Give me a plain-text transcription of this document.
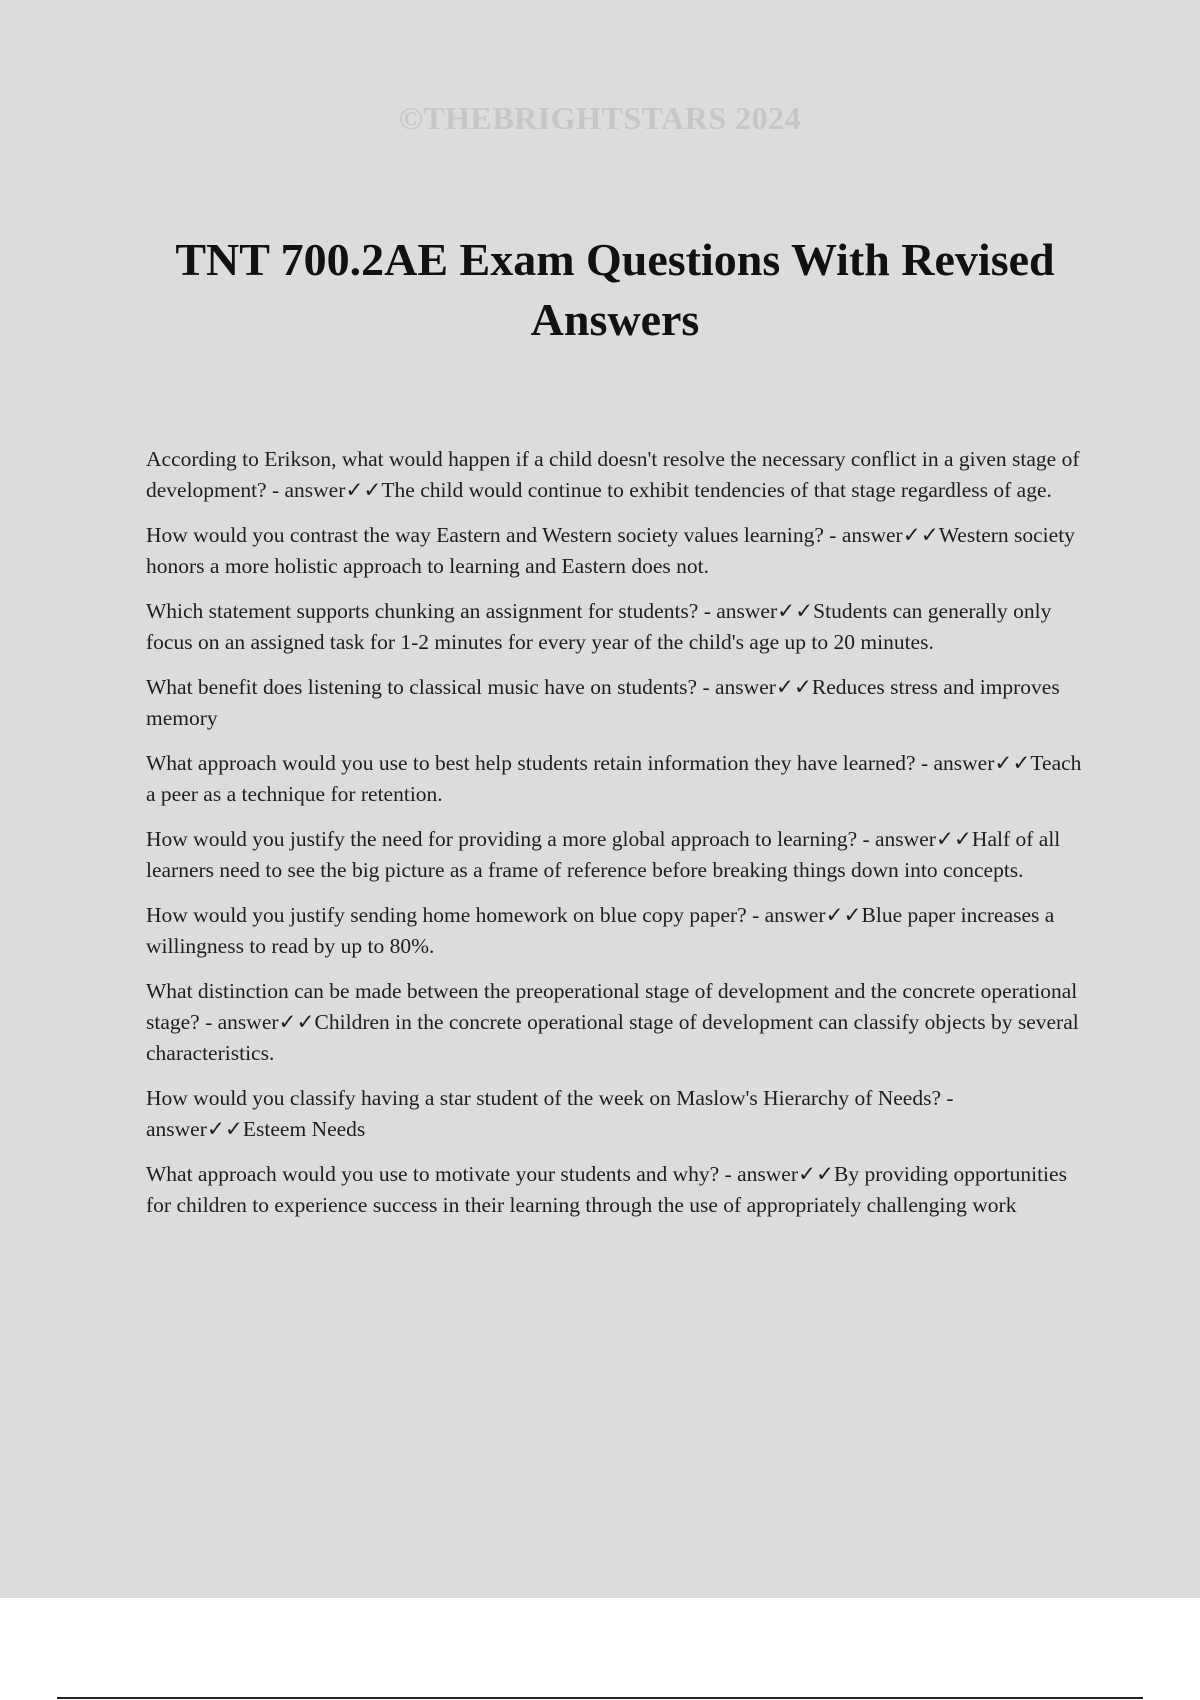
©THEBRIGHTSTARS 2024
TNT 700.2AE Exam Questions With Revised Answers
According to Erikson, what would happen if a child doesn't resolve the necessary conflict in a given stage of development? - answer✓✓The child would continue to exhibit tendencies of that stage regardless of age.
How would you contrast the way Eastern and Western society values learning? - answer✓✓Western society honors a more holistic approach to learning and Eastern does not.
Which statement supports chunking an assignment for students? - answer✓✓Students can generally only focus on an assigned task for 1-2 minutes for every year of the child's age up to 20 minutes.
What benefit does listening to classical music have on students? - answer✓✓Reduces stress and improves memory
What approach would you use to best help students retain information they have learned? - answer✓✓Teach a peer as a technique for retention.
How would you justify the need for providing a more global approach to learning? - answer✓✓Half of all learners need to see the big picture as a frame of reference before breaking things down into concepts.
How would you justify sending home homework on blue copy paper? - answer✓✓Blue paper increases a willingness to read by up to 80%.
What distinction can be made between the preoperational stage of development and the concrete operational stage? - answer✓✓Children in the concrete operational stage of development can classify objects by several characteristics.
How would you classify having a star student of the week on Maslow's Hierarchy of Needs? - answer✓✓Esteem Needs
What approach would you use to motivate your students and why? - answer✓✓By providing opportunities for children to experience success in their learning through the use of appropriately challenging work
